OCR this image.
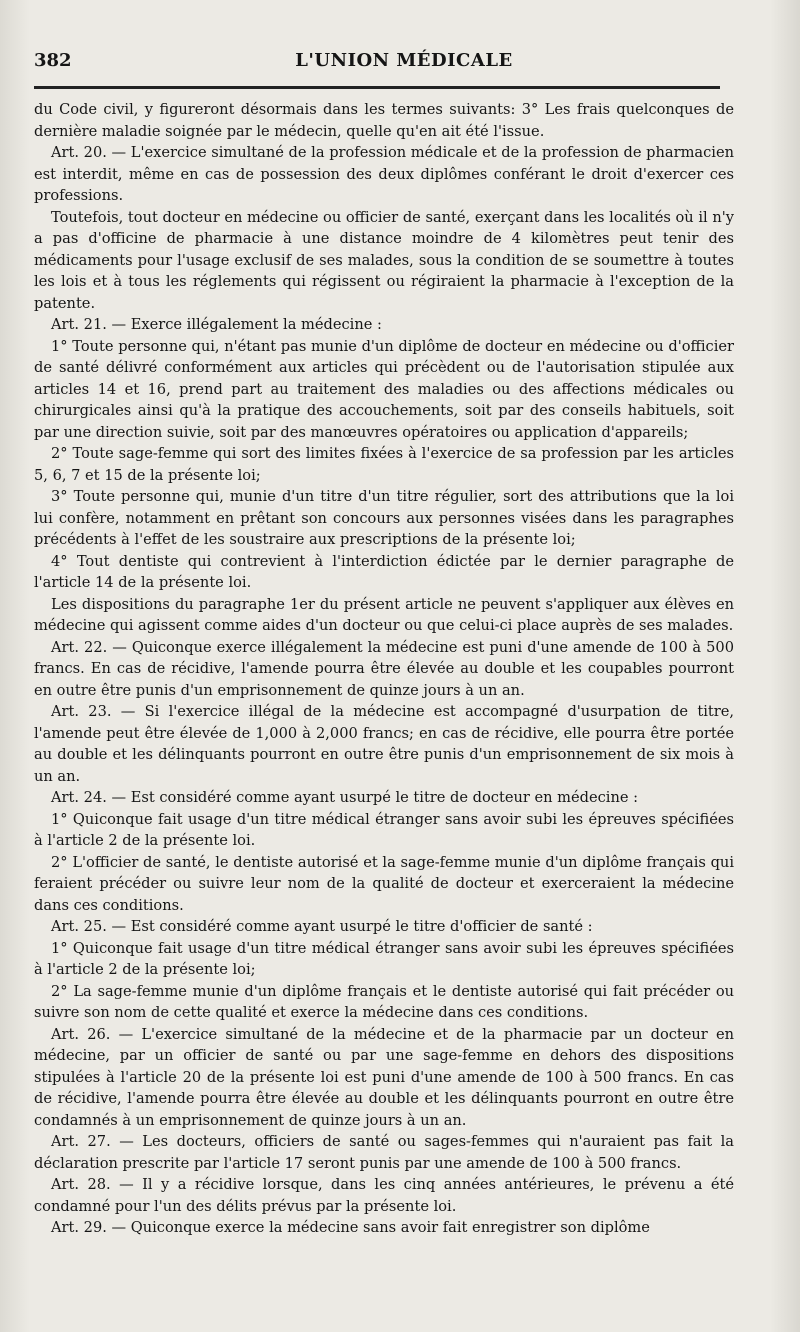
382	L'UNION MÉDICALE

du Code civil, y figureront désormais dans les termes suivants: 3° Les frais quelconques de dernière maladie soignée par le médecin, quelle qu'en ait été l'issue.

Art. 20. — L'exercice simultané de la profession médicale et de la profession de pharmacien est interdit, même en cas de possession des deux diplômes conférant le droit d'exercer ces professions.

Toutefois, tout docteur en médecine ou officier de santé, exerçant dans les localités où il n'y a pas d'officine de pharmacie à une distance moindre de 4 kilomètres peut tenir des médicaments pour l'usage exclusif de ses malades, sous la condition de se soumettre à toutes les lois et à tous les réglements qui régissent ou régiraient la pharmacie à l'exception de la patente.

Art. 21. — Exerce illégalement la médecine :

1° Toute personne qui, n'étant pas munie d'un diplôme de docteur en médecine ou d'officier de santé délivré conformément aux articles qui précèdent ou de l'autorisation stipulée aux articles 14 et 16, prend part au traitement des maladies ou des affections médicales ou chirurgicales ainsi qu'à la pratique des accouchements, soit par des conseils habituels, soit par une direction suivie, soit par des manœuvres opératoires ou application d'appareils;

2° Toute sage-femme qui sort des limites fixées à l'exercice de sa profession par les articles 5, 6, 7 et 15 de la présente loi;

3° Toute personne qui, munie d'un titre d'un titre régulier, sort des attributions que la loi lui confère, notamment en prêtant son concours aux personnes visées dans les paragraphes précédents à l'effet de les soustraire aux prescriptions de la présente loi;

4° Tout dentiste qui contrevient à l'interdiction édictée par le dernier paragraphe de l'article 14 de la présente loi.

Les dispositions du paragraphe 1er du présent article ne peuvent s'appliquer aux élèves en médecine qui agissent comme aides d'un docteur ou que celui-ci place auprès de ses malades.

Art. 22. — Quiconque exerce illégalement la médecine est puni d'une amende de 100 à 500 francs. En cas de récidive, l'amende pourra être élevée au double et les coupables pourront en outre être punis d'un emprisonnement de quinze jours à un an.

Art. 23. — Si l'exercice illégal de la médecine est accompagné d'usurpation de titre, l'amende peut être élevée de 1,000 à 2,000 francs; en cas de récidive, elle pourra être portée au double et les délinquants pourront en outre être punis d'un emprisonnement de six mois à un an.

Art. 24. — Est considéré comme ayant usurpé le titre de docteur en médecine :

1° Quiconque fait usage d'un titre médical étranger sans avoir subi les épreuves spécifiées à l'article 2 de la présente loi.

2° L'officier de santé, le dentiste autorisé et la sage-femme munie d'un diplôme français qui feraient précéder ou suivre leur nom de la qualité de docteur et exerceraient la médecine dans ces conditions.

Art. 25. — Est considéré comme ayant usurpé le titre d'officier de santé :

1° Quiconque fait usage d'un titre médical étranger sans avoir subi les épreuves spécifiées à l'article 2 de la présente loi;

2° La sage-femme munie d'un diplôme français et le dentiste autorisé qui fait précéder ou suivre son nom de cette qualité et exerce la médecine dans ces conditions.

Art. 26. — L'exercice simultané de la médecine et de la pharmacie par un docteur en médecine, par un officier de santé ou par une sage-femme en dehors des dispositions stipulées à l'article 20 de la présente loi est puni d'une amende de 100 à 500 francs. En cas de récidive, l'amende pourra être élevée au double et les délinquants pourront en outre être condamnés à un emprisonnement de quinze jours à un an.

Art. 27. — Les docteurs, officiers de santé ou sages-femmes qui n'auraient pas fait la déclaration prescrite par l'article 17 seront punis par une amende de 100 à 500 francs.

Art. 28. — Il y a récidive lorsque, dans les cinq années antérieures, le prévenu a été condamné pour l'un des délits prévus par la présente loi.

Art. 29. — Quiconque exerce la médecine sans avoir fait enregistrer son diplôme
